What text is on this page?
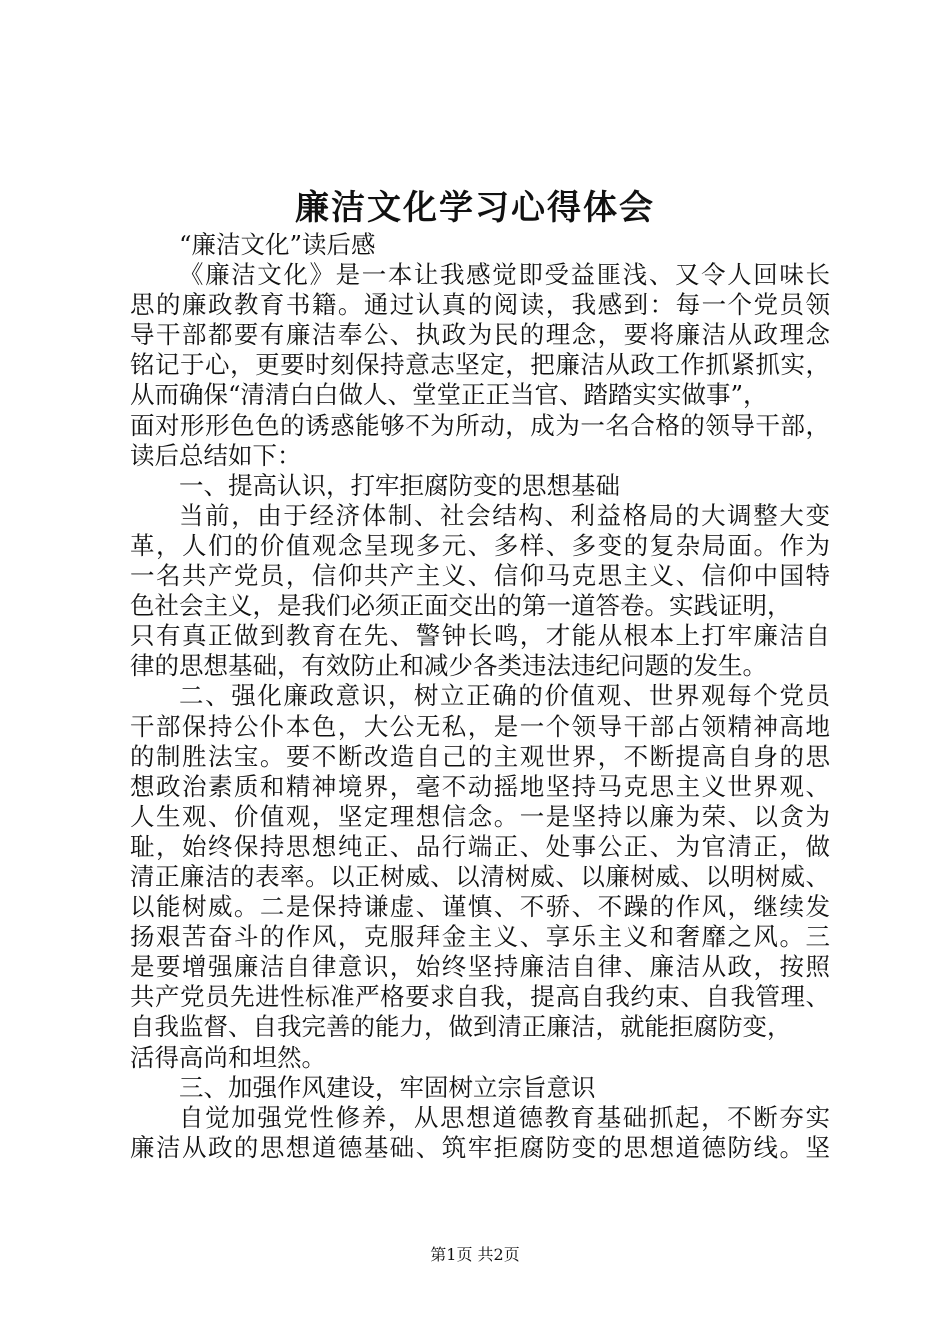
廉洁文化学习心得体会
“廉洁文化”读后感
《廉洁文化》是一本让我感觉即受益匪浅、又令人回味长
思的廉政教育书籍。通过认真的阅读，我感到：每一个党员领
导干部都要有廉洁奉公、执政为民的理念，要将廉洁从政理念
铭记于心，更要时刻保持意志坚定，把廉洁从政工作抓紧抓实，
从而确保“清清白白做人、堂堂正正当官、踏踏实实做事”，
面对形形色色的诱惑能够不为所动，成为一名合格的领导干部，
读后总结如下：
一、提高认识，打牢拒腐防变的思想基础
当前，由于经济体制、社会结构、利益格局的大调整大变
革，人们的价值观念呈现多元、多样、多变的复杂局面。作为
一名共产党员，信仰共产主义、信仰马克思主义、信仰中国特
色社会主义，是我们必须正面交出的第一道答卷。实践证明，
只有真正做到教育在先、警钟长鸣，才能从根本上打牢廉洁自
律的思想基础，有效防止和减少各类违法违纪问题的发生。
二、强化廉政意识，树立正确的价值观、世界观每个党员
干部保持公仆本色，大公无私，是一个领导干部占领精神高地
的制胜法宝。要不断改造自己的主观世界，不断提高自身的思
想政治素质和精神境界，毫不动摇地坚持马克思主义世界观、
人生观、价值观，坚定理想信念。一是坚持以廉为荣、以贪为
耻，始终保持思想纯正、品行端正、处事公正、为官清正，做
清正廉洁的表率。以正树威、以清树威、以廉树威、以明树威、
以能树威。二是保持谦虚、谨慎、不骄、不躁的作风，继续发
扬艰苦奋斗的作风，克服拜金主义、享乐主义和奢靡之风。三
是要增强廉洁自律意识，始终坚持廉洁自律、廉洁从政，按照
共产党员先进性标准严格要求自我，提高自我约束、自我管理、
自我监督、自我完善的能力，做到清正廉洁，就能拒腐防变，
活得高尚和坦然。
三、加强作风建设，牢固树立宗旨意识
自觉加强党性修养，从思想道德教育基础抓起，不断夯实
廉洁从政的思想道德基础、筑牢拒腐防变的思想道德防线。坚
第1页 共2页
